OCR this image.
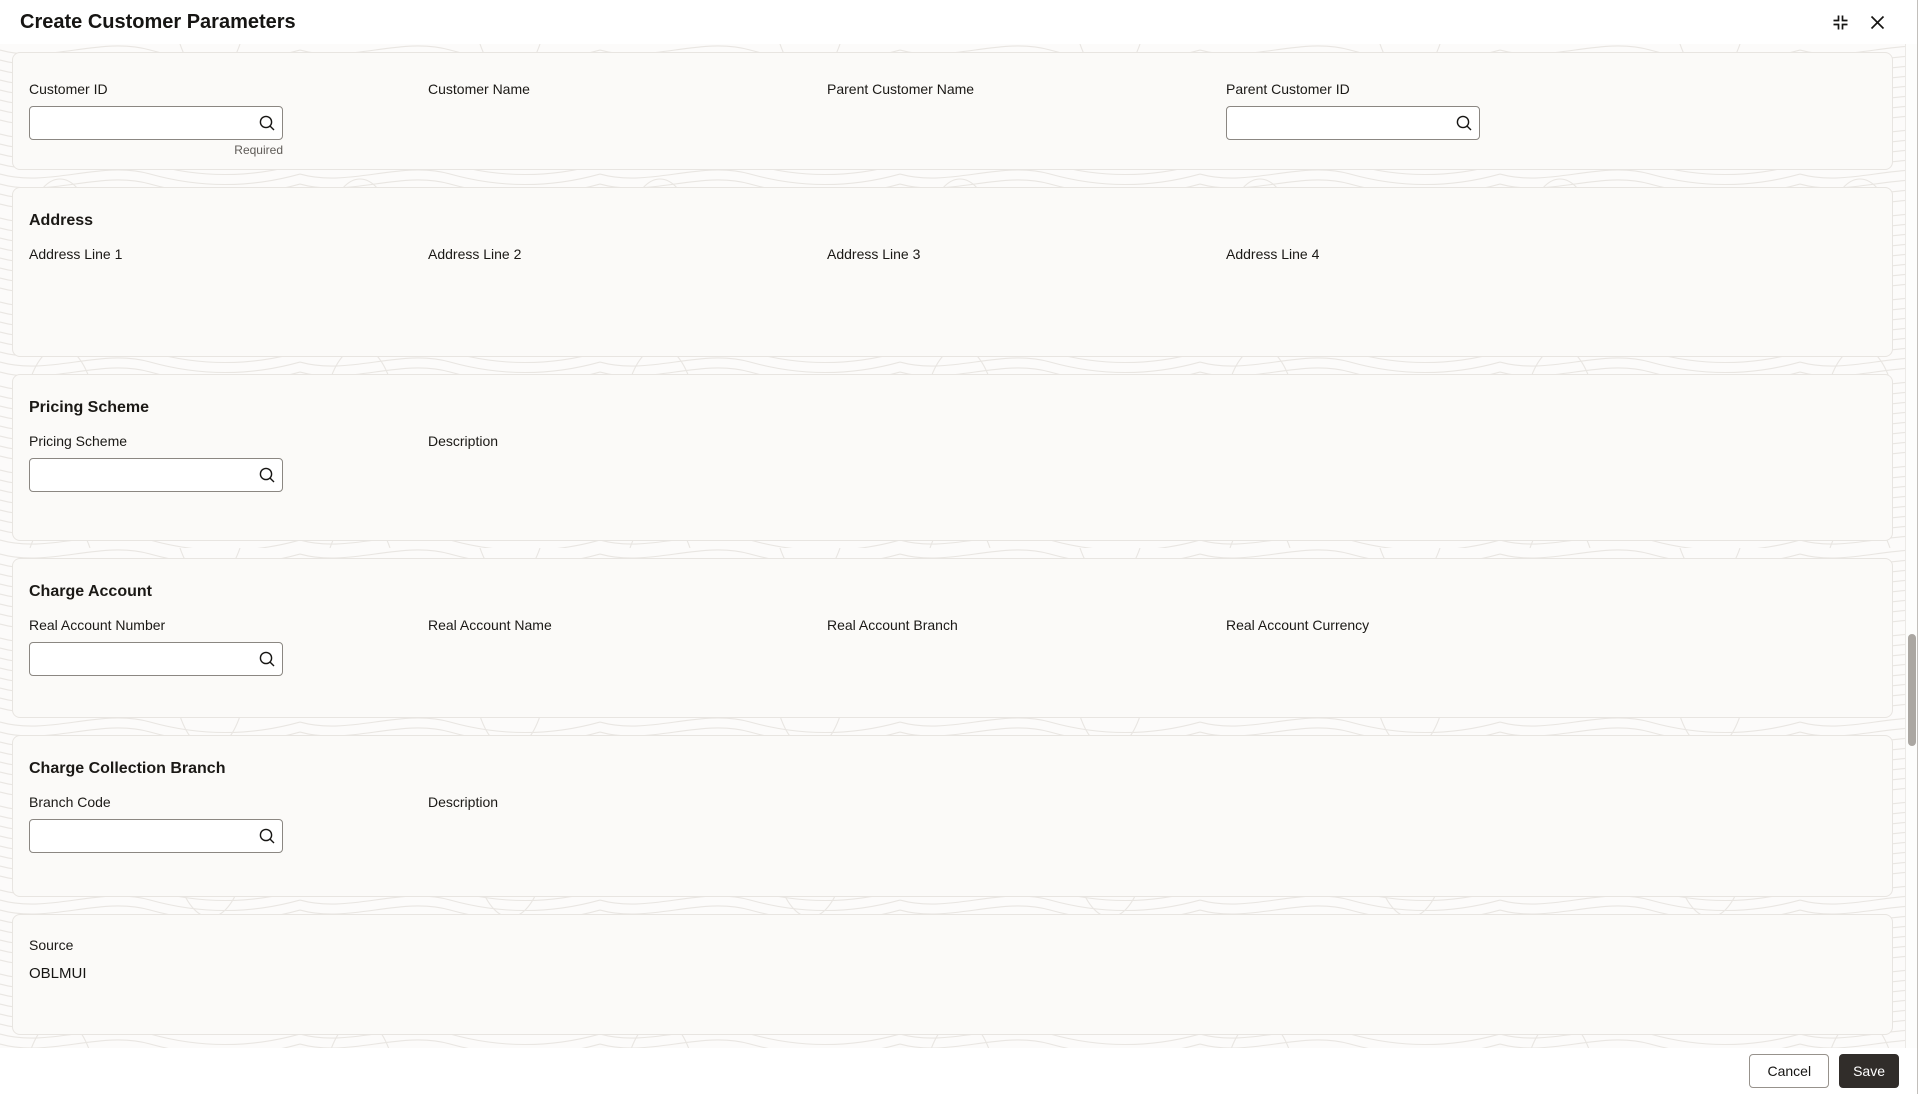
Create Customer Parameters
Customer ID
Required
Customer Name	Parent Customer Name	Parent Customer ID
Address
Address Line 1	Address Line 2	Address Line 3	Address Line 4
Pricing Scheme
Pricing Scheme	Description
Charge Account
Real Account Number	Real Account Name	Real Account Branch	Real Account Currency
Charge Collection Branch
Branch Code	Description
Source
OBLMUI
Cancel	Save
